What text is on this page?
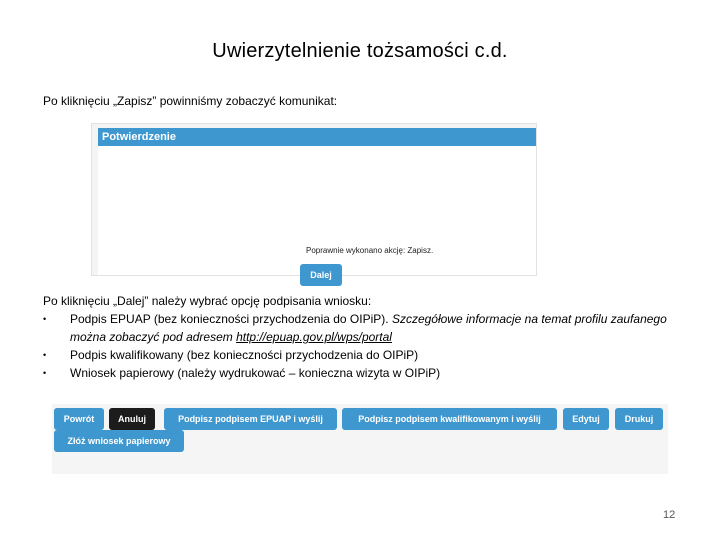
Uwierzytelnienie tożsamości c.d.
Po kliknięciu „Zapisz” powinniśmy zobaczyć komunikat:
Potwierdzenie
Poprawnie wykonano akcję: Zapisz.
Dalej
Po kliknięciu „Dalej” należy wybrać opcję podpisania wniosku:
• Podpis EPUAP (bez konieczności przychodzenia do OIPiP). Szczegółowe informacje na temat profilu zaufanego można zobaczyć pod adresem http://epuap.gov.pl/wps/portal
• Podpis kwalifikowany (bez konieczności przychodzenia do OIPiP)
• Wniosek papierowy (należy wydrukować – konieczna wizyta w OIPiP)
Powrót	Anuluj	Podpisz podpisem EPUAP i wyślij	Podpisz podpisem kwalifikowanym i wyślij	Edytuj	Drukuj
Złóż wniosek papierowy
12
